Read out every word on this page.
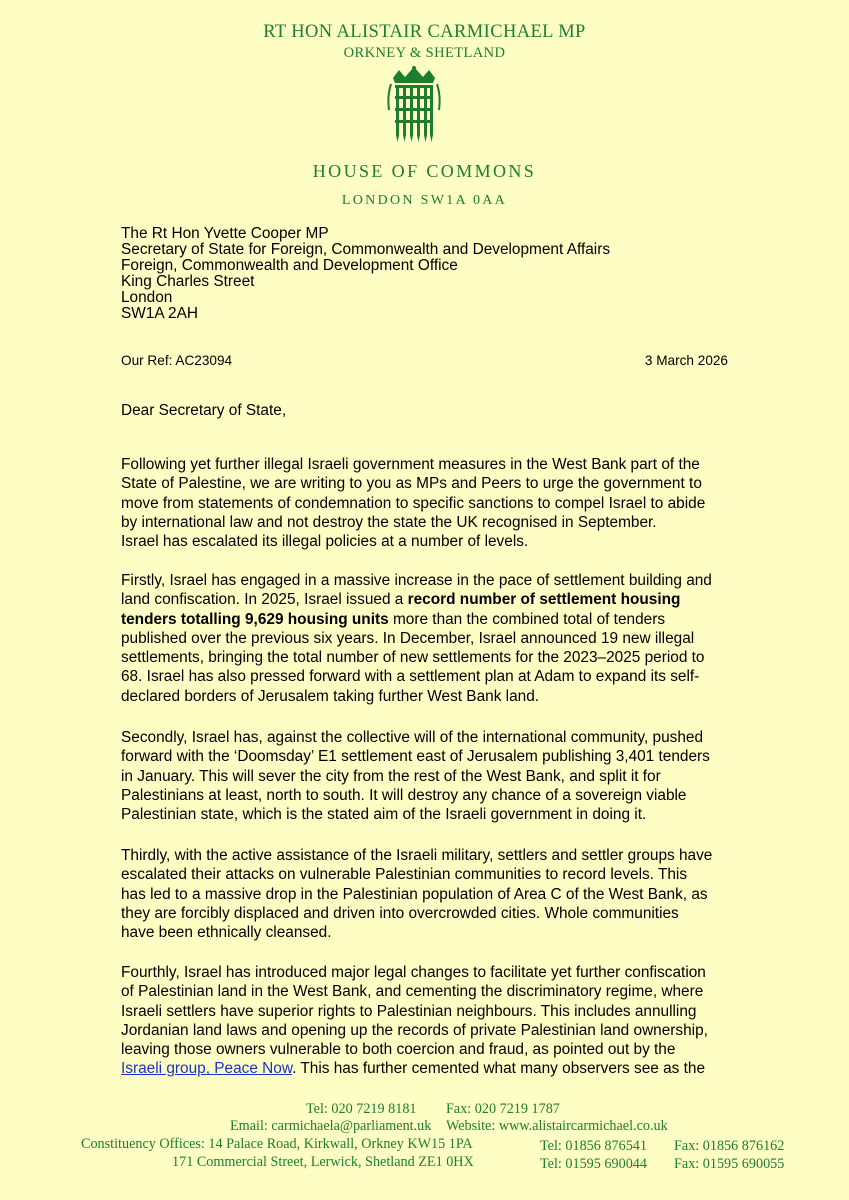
RT HON ALISTAIR CARMICHAEL MP
ORKNEY & SHETLAND
HOUSE OF COMMONS
LONDON SW1A 0AA
The Rt Hon Yvette Cooper MP
Secretary of State for Foreign, Commonwealth and Development Affairs
Foreign, Commonwealth and Development Office
King Charles Street
London
SW1A 2AH
Our Ref: AC23094	3 March 2026
Dear Secretary of State,
Following yet further illegal Israeli government measures in the West Bank part of the
State of Palestine, we are writing to you as MPs and Peers to urge the government to
move from statements of condemnation to specific sanctions to compel Israel to abide
by international law and not destroy the state the UK recognised in September.
Israel has escalated its illegal policies at a number of levels.
Firstly, Israel has engaged in a massive increase in the pace of settlement building and
land confiscation. In 2025, Israel issued a record number of settlement housing
tenders totalling 9,629 housing units more than the combined total of tenders
published over the previous six years. In December, Israel announced 19 new illegal
settlements, bringing the total number of new settlements for the 2023–2025 period to
68. Israel has also pressed forward with a settlement plan at Adam to expand its self-
declared borders of Jerusalem taking further West Bank land.
Secondly, Israel has, against the collective will of the international community, pushed
forward with the ‘Doomsday’ E1 settlement east of Jerusalem publishing 3,401 tenders
in January. This will sever the city from the rest of the West Bank, and split it for
Palestinians at least, north to south. It will destroy any chance of a sovereign viable
Palestinian state, which is the stated aim of the Israeli government in doing it.
Thirdly, with the active assistance of the Israeli military, settlers and settler groups have
escalated their attacks on vulnerable Palestinian communities to record levels. This
has led to a massive drop in the Palestinian population of Area C of the West Bank, as
they are forcibly displaced and driven into overcrowded cities. Whole communities
have been ethnically cleansed.
Fourthly, Israel has introduced major legal changes to facilitate yet further confiscation
of Palestinian land in the West Bank, and cementing the discriminatory regime, where
Israeli settlers have superior rights to Palestinian neighbours. This includes annulling
Jordanian land laws and opening up the records of private Palestinian land ownership,
leaving those owners vulnerable to both coercion and fraud, as pointed out by the
Israeli group, Peace Now. This has further cemented what many observers see as the
Tel: 020 7219 8181 Fax: 020 7219 1787
Email: carmichaela@parliament.uk Website: www.alistaircarmichael.co.uk
Constituency Offices: 14 Palace Road, Kirkwall, Orkney KW15 1PA	Tel: 01856 876541 Fax: 01856 876162
171 Commercial Street, Lerwick, Shetland ZE1 0HX	Tel: 01595 690044 Fax: 01595 690055
